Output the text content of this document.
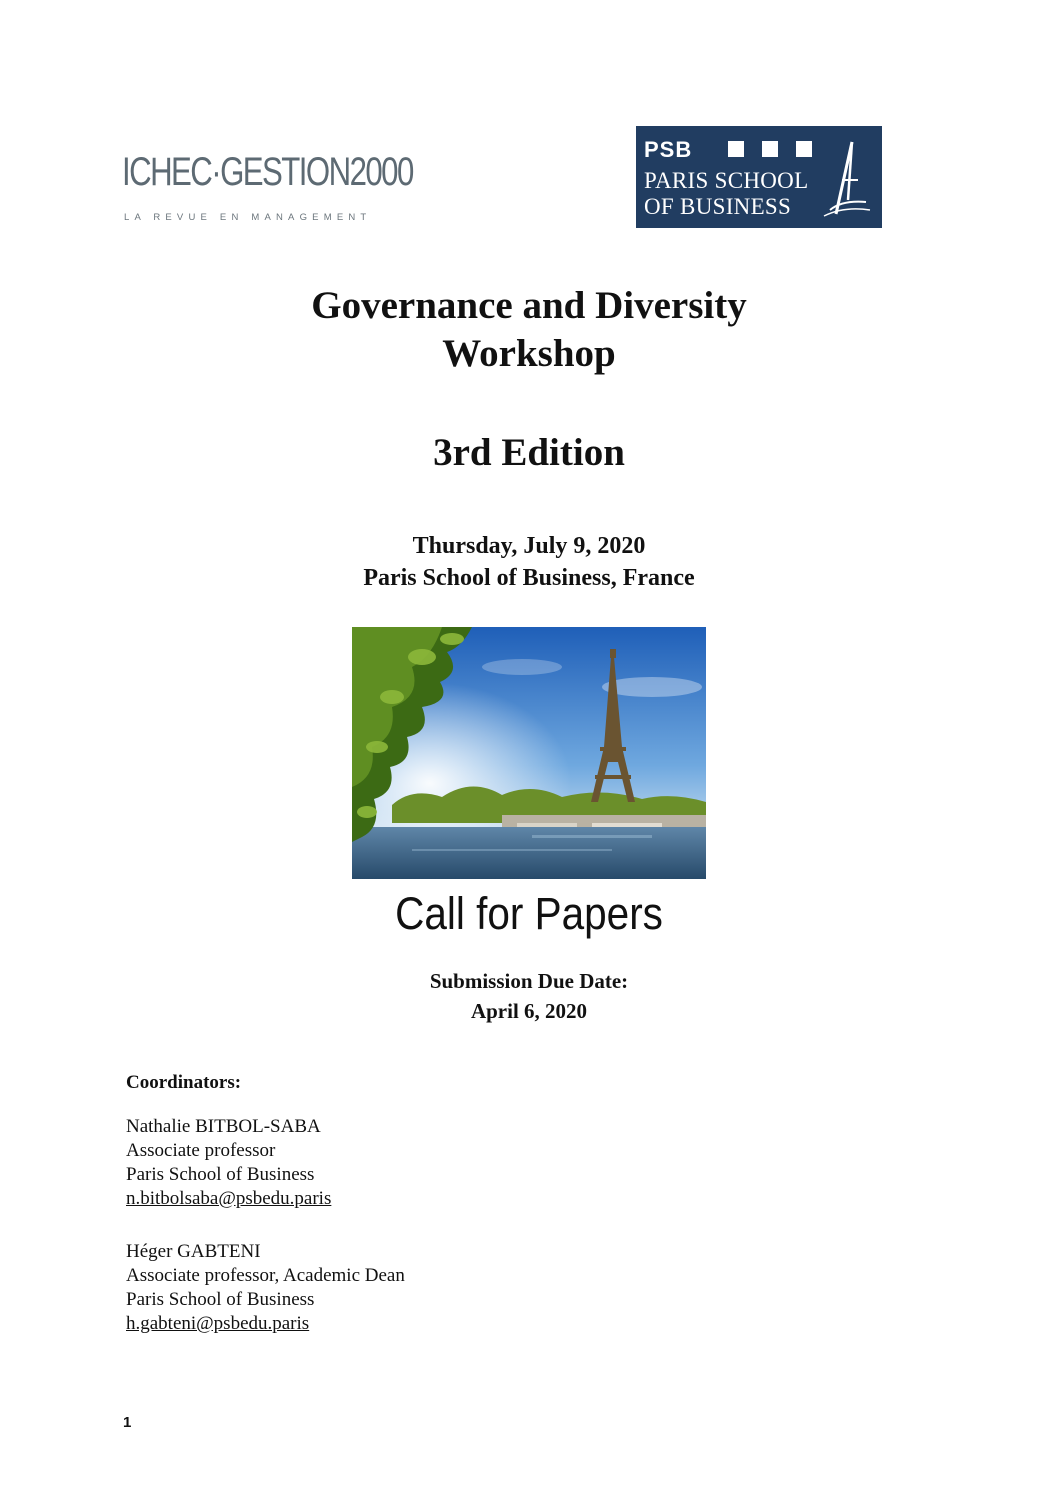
ICHEC·GESTION2000
LA REVUE EN MANAGEMENT
PSB
PARIS SCHOOL
OF BUSINESS
Governance and Diversity
Workshop
3rd Edition
Thursday, July 9, 2020
Paris School of Business, France
Call for Papers
Submission Due Date:
April 6, 2020
Coordinators:
Nathalie BITBOL-SABA
Associate professor
Paris School of Business
n.bitbolsaba@psbedu.paris
Héger GABTENI
Associate professor, Academic Dean
Paris School of Business
h.gabteni@psbedu.paris
1
